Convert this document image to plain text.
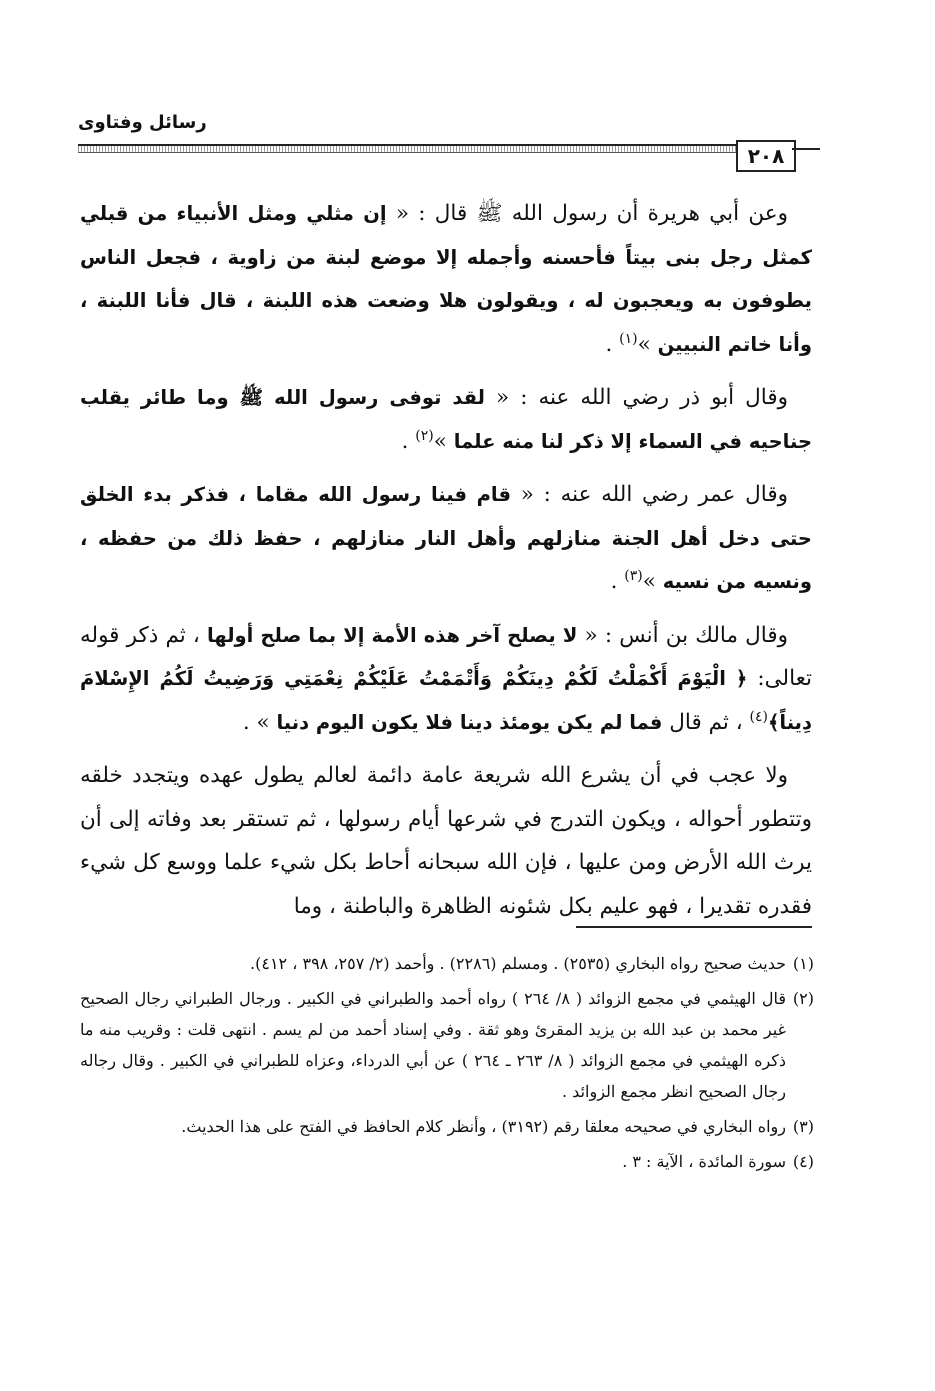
رسائل وفتاوى
٢٠٨

وعن أبي هريرة أن رسول الله ﷺ قال : « إن مثلي ومثل الأنبياء من قبلي كمثل رجل بنى بيتاً فأحسنه وأجمله إلا موضع لبنة من زاوية ، فجعل الناس يطوفون به ويعجبون له ، ويقولون هلا وضعت هذه اللبنة ، قال فأنا اللبنة ، وأنا خاتم النبيين »$^{(١)}$ .

وقال أبو ذر رضي الله عنه : « لقد توفى رسول الله ﷺ وما طائر يقلب جناحيه في السماء إلا ذكر لنا منه علما »$^{(٢)}$ .

وقال عمر رضي الله عنه : « قام فينا رسول الله مقاما ، فذكر بدء الخلق حتى دخل أهل الجنة منازلهم وأهل النار منازلهم ، حفظ ذلك من حفظه ، ونسيه من نسيه »$^{(٣)}$ .

وقال مالك بن أنس : « لا يصلح آخر هذه الأمة إلا بما صلح أولها ، ثم ذكر قوله تعالى: ﴿ الْيَوْمَ أَكْمَلْتُ لَكُمْ دِينَكُمْ وَأَتْمَمْتُ عَلَيْكُمْ نِعْمَتِي وَرَضِيتُ لَكُمُ الإِسْلامَ دِيناً﴾$^{(٤)}$ ، ثم قال فما لم يكن يومئذ دينا فلا يكون اليوم دنيا » .

ولا عجب في أن يشرع الله شريعة عامة دائمة لعالم يطول عهده ويتجدد خلقه وتتطور أحواله ، ويكون التدرج في شرعها أيام رسولها ، ثم تستقر بعد وفاته إلى أن يرث الله الأرض ومن عليها ، فإن الله سبحانه أحاط بكل شيء علما ووسع كل شيء فقدره تقديرا ، فهو عليم بكل شئونه الظاهرة والباطنة ، وما

(١)
حديث صحيح رواه البخاري (٢٥٣٥) . ومسلم (٢٢٨٦) . وأحمد (٢/ ٢٥٧، ٣٩٨ ، ٤١٢).
(٢)
قال الهيثمي في مجمع الزوائد ( ٨/ ٢٦٤ ) رواه أحمد والطبراني في الكبير . ورجال الطبراني رجال الصحيح غير محمد بن عبد الله بن يزيد المقرئ وهو ثقة . وفي إسناد أحمد من لم يسم . انتهى قلت : وقريب منه ما ذكره الهيثمي في مجمع الزوائد ( ٨/ ٢٦٣ ـ ٢٦٤ ) عن أبي الدرداء، وعزاه للطبراني في الكبير . وقال رجاله رجال الصحيح انظر مجمع الزوائد .
(٣)
رواه البخاري في صحيحه معلقا رقم (٣١٩٢) ، وأنظر كلام الحافظ في الفتح على هذا الحديث.
(٤)
سورة المائدة ، الآية : ٣ .
